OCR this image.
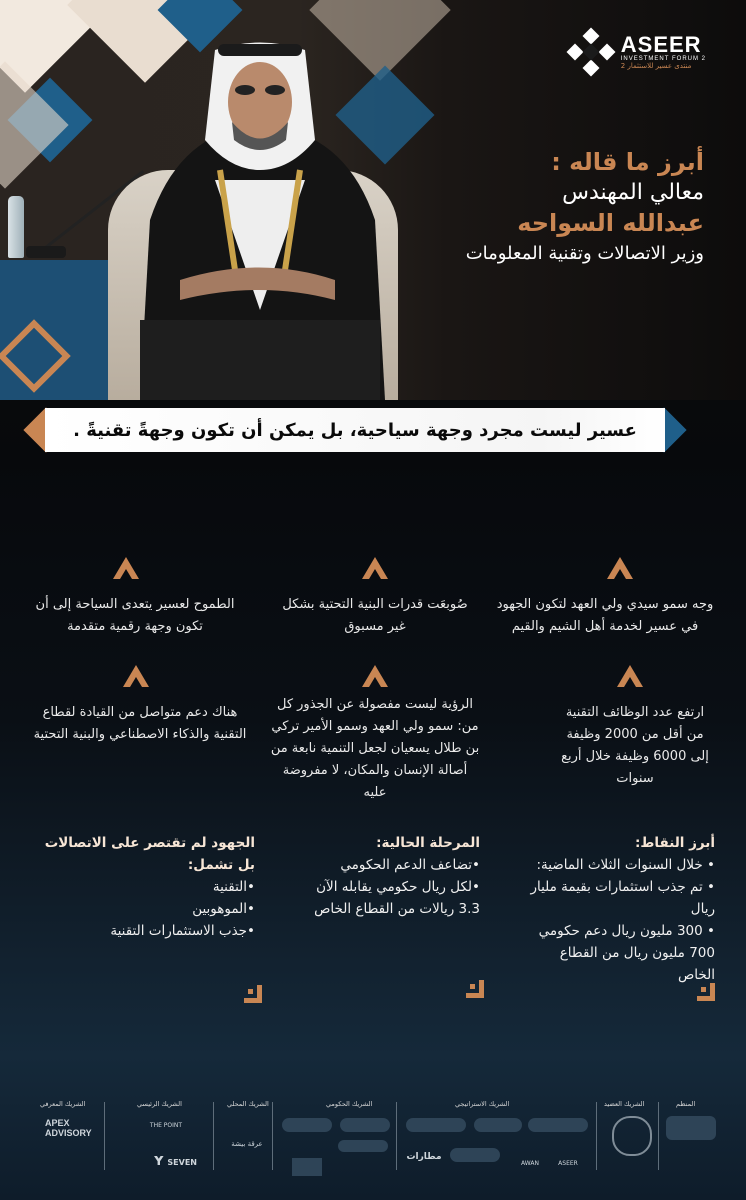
ASEER
INVESTMENT FORUM 2
منتدى عسير للاستثمار 2
أبرز ما قاله :
معالي المهندس
عبدالله السواحه
وزير الاتصالات وتقنية المعلومات
عسير ليست مجرد وجهة سياحية، بل يمكن أن تكون وجهةً تقنيةً .
وجه سمو سيدي ولي العهد لتكون الجهود في عسير لخدمة أهل الشيم والقيم
صُوبعَت قدرات البنية التحتية بشكل غير مسبوق
الطموح لعسير يتعدى السياحة إلى أن تكون وجهة رقمية متقدمة
ارتفع عدد الوظائف التقنية من أقل من 2000 وظيفة إلى 6000 وظيفة خلال أربع سنوات
الرؤية ليست مفصولة عن الجذور كل من: سمو ولي العهد وسمو الأمير تركي بن طلال يسعيان لجعل التنمية نابعة من أصالة الإنسان والمكان، لا مفروضة عليه
هناك دعم متواصل من القيادة لقطاع التقنية والذكاء الاصطناعي والبنية التحتية
أبرز النقاط:
• خلال السنوات الثلاث الماضية:
• تم جذب استثمارات بقيمة مليار ريال
• 300 مليون ريال دعم حكومي
700 مليون ريال من القطاع الخاص
المرحلة الحالية:
•تضاعف الدعم الحكومي
•لكل ريال حكومي يقابله الآن
3.3 ريالات من القطاع الخاص
الجهود لم تقتصر على الاتصالات
بل تشمل:
•التقنية
•الموهوبين
•جذب الاستثمارات التقنية
المنظم
الشريك العضيد
الشريك الاستراتيجي
الشريك الحكومي
الشريك المحلي
الشريك الرئيسي
الشريك المعرفي
APEX
ADVISORY
THE POINT
ʏ SEVEN
عرقة بيشة
مطارات
AWAN	ASEER
